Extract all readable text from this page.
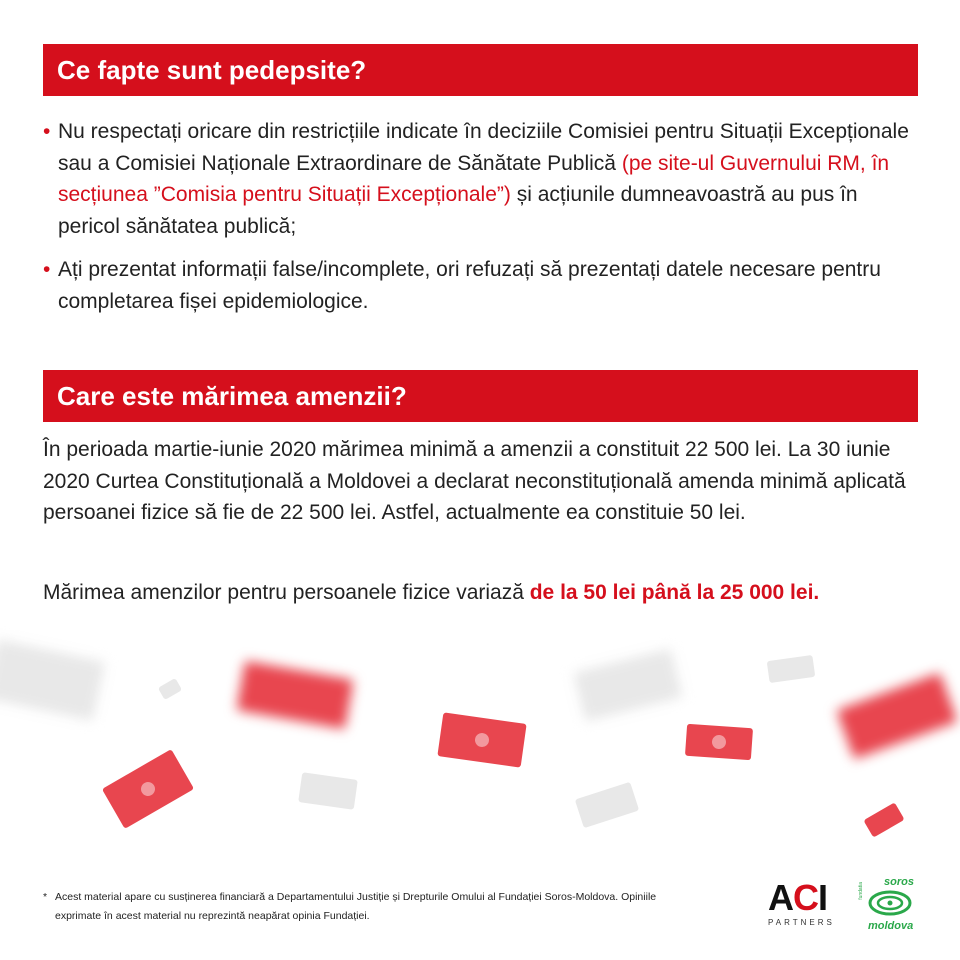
Ce fapte sunt pedepsite?
• Nu respectați oricare din restricțiile indicate în deciziile Comisiei pentru Situații Excepționale sau a Comisiei Naționale Extraordinare de Sănătate Publică (pe site-ul Guvernului RM, în secțiunea ”Comisia pentru Situații Excepționale”) și acțiunile dumneavoastră au pus în pericol sănătatea publică;
• Ați prezentat informații false/incomplete, ori refuzați să prezentați datele necesare pentru completarea fișei epidemiologice.
Care este mărimea amenzii?

În perioada martie-iunie 2020 mărimea minimă a amenzii a constituit 22 500 lei. La 30 iunie 2020 Curtea Constituțională a Moldovei a declarat neconstituțională amenda minimă aplicată persoanei fizice să fie de 22 500 lei. Astfel, actualmente ea constituie 50 lei.

Mărimea amenzilor pentru persoanele fizice variază de la 50 lei până la 25 000 lei.

* Acest material apare cu susținerea financiară a Departamentului Justiție și Drepturile Omului al Fundației Soros-Moldova. Opiniile exprimate în acest material nu reprezintă neapărat opinia Fundației.	ACI
PARTNERS
fundatia soros
moldova
